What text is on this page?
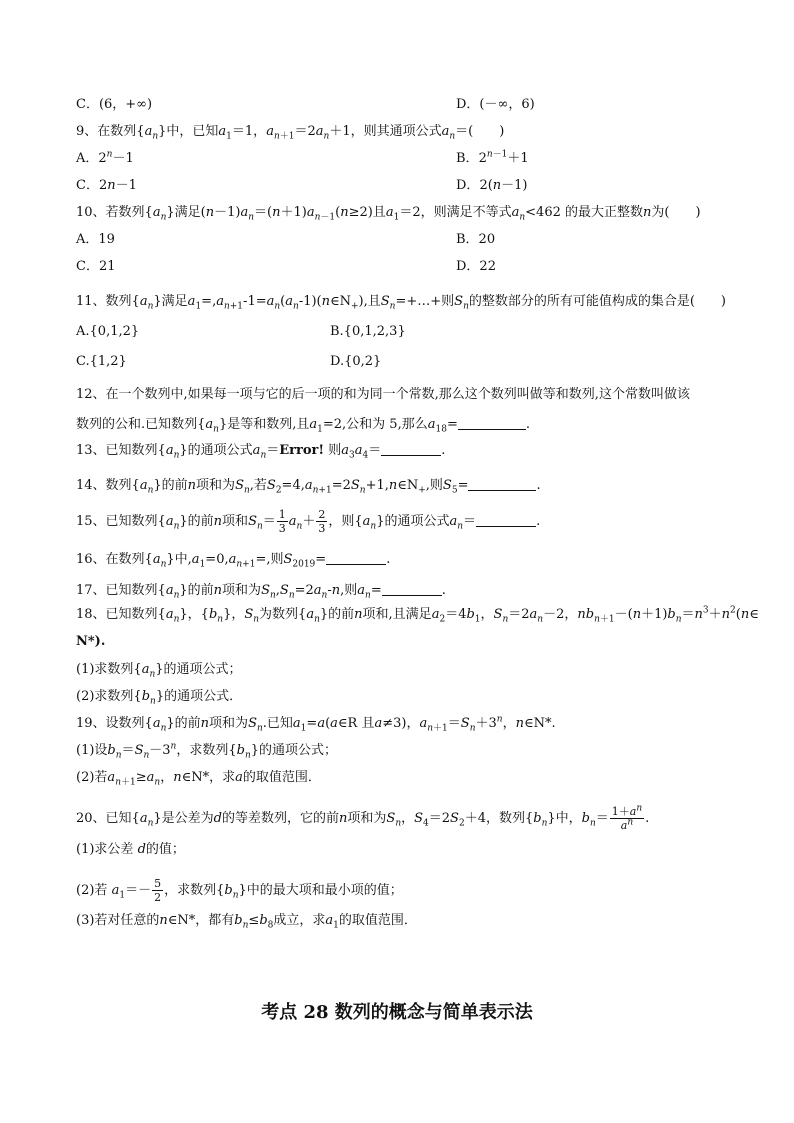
C．(6，+∞)	D．(－∞，6)
9、在数列$\{a_n\}$中，已知$a_1=1$，$a_{n+1}=2a_n+1$，则其通项公式$a_n=$(　　)
A．$2^n-1$	B．$2^{n-1}+1$
C．2n－1	D．2(n－1)
10、若数列$\{a_n\}$满足$(n-1)a_n=(n+1)a_{n-1}(n\ge 2)$且$a_1=2$，则满足不等式$a_n<462$ 的最大正整数n为(　　)
A．19	B．20
C．21	D．22
11、数列$\{a_n\}$满足$a_1=,a_{n+1}-1=a_n(a_n-1)(n\in N_+)$,且$S_n=+\dots+$则$S_n$的整数部分的所有可能值构成的集合是(　　)
A.{0,1,2}	B.{0,1,2,3}
C.{1,2}	D.{0,2}
12、在一个数列中,如果每一项与它的后一项的和为同一个常数,那么这个数列叫做等和数列,这个常数叫做该
数列的公和.已知数列$\{a_n\}$是等和数列,且$a_1=2$,公和为 5,那么$a_{18}=$	.
13、已知数列$\{a_n\}$的通项公式$a_n=Error$! 则$a_3a_4=$	.
14、数列$\{a_n\}$的前n项和为$S_n$,若$S_2=4,a_{n+1}=2S_n+1,n\in N_+$,则$S_5=$	.
15、已知数列$\{a_n\}$的前n项和$S_n= \frac{1}{3} a_n+ \frac{2}{3}$ ，则$\{a_n\}$的通项公式$a_n=$	.
16、在数列$\{a_n\}$中$,a_1=0,a_{n+1}=$,则$S_{2019}=$	.
17、已知数列$\{a_n\}$的前n项和为$S_n,S_n=2a_n-n$,则$a_n=$	.
18、已知数列$\{a_n\}$，$\{b_n\}$，$S_n$为数列$\{a_n\}$的前n项和,且满足$a_2=4b_1$，$S_n=2a_n-2$，$nb_{n+1}-(n+1)b_n=n^3+n^2(n\in$
N*).
(1)求数列$\{a_n\}$的通项公式；
(2)求数列$\{b_n\}$的通项公式．
19、设数列$\{a_n\}$的前n项和为$S_n$.已知$a_1=a(a\in R$ 且a≠3)，$a_{n+1}=S_n+3^n$，n∈N*.
(1)设$b_n=S_n-3^n$，求数列$\{b_n\}$的通项公式；
(2)若$a_{n+1}\ge a_n$，n∈N*，求a的取值范围．
20、已知$\{a_n\}$是公差为d的等差数列，它的前n项和为$S_n$，$S_4=2S_2+4$，数列$\{b_n\}$中，$b_n= \frac{1+a^n}{a^n}$ .
(1)求公差 d的值；
(2)若 $a_1=- \frac{5}{2}$ ，求数列$\{b_n\}$中的最大项和最小项的值；
(3)若对任意的n∈N*，都有$b_n\le b_8$成立，求$a_1$的取值范围．
考点 28 数列的概念与简单表示法
